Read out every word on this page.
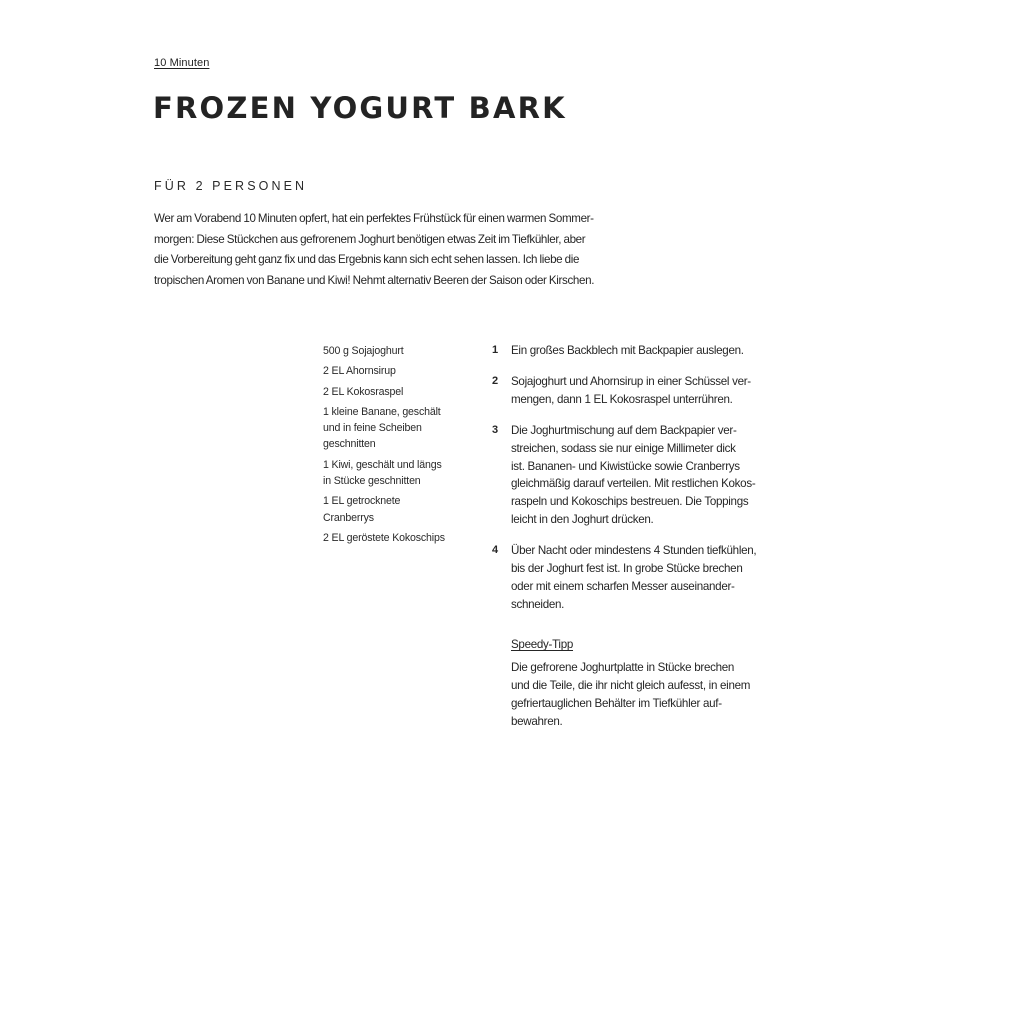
10 Minuten
FROZEN YOGURT BARK
FÜR 2 PERSONEN

Wer am Vorabend 10 Minuten opfert, hat ein perfektes Frühstück für einen warmen Sommer-
morgen: Diese Stückchen aus gefrorenem Joghurt benötigen etwas Zeit im Tiefkühler, aber
die Vorbereitung geht ganz fix und das Ergebnis kann sich echt sehen lassen. Ich liebe die
tropischen Aromen von Banane und Kiwi! Nehmt alternativ Beeren der Saison oder Kirschen.

500 g Sojajoghurt
2 EL Ahornsirup
2 EL Kokosraspel
1 kleine Banane, geschält
und in feine Scheiben
geschnitten
1 Kiwi, geschält und längs
in Stücke geschnitten
1 EL getrocknete
Cranberrys
2 EL geröstete Kokoschips
1 Ein großes Backblech mit Backpapier auslegen.
2 Sojajoghurt und Ahornsirup in einer Schüssel ver-
mengen, dann 1 EL Kokosraspel unterrühren.
3 Die Joghurtmischung auf dem Backpapier ver-
streichen, sodass sie nur einige Millimeter dick
ist. Bananen- und Kiwistücke sowie Cranberrys
gleichmäßig darauf verteilen. Mit restlichen Kokos-
raspeln und Kokoschips bestreuen. Die Toppings
leicht in den Joghurt drücken.
4 Über Nacht oder mindestens 4 Stunden tiefkühlen,
bis der Joghurt fest ist. In grobe Stücke brechen
oder mit einem scharfen Messer auseinander-
schneiden.
Speedy-Tipp
Die gefrorene Joghurtplatte in Stücke brechen
und die Teile, die ihr nicht gleich aufesst, in einem
gefriertauglichen Behälter im Tiefkühler auf-
bewahren.
